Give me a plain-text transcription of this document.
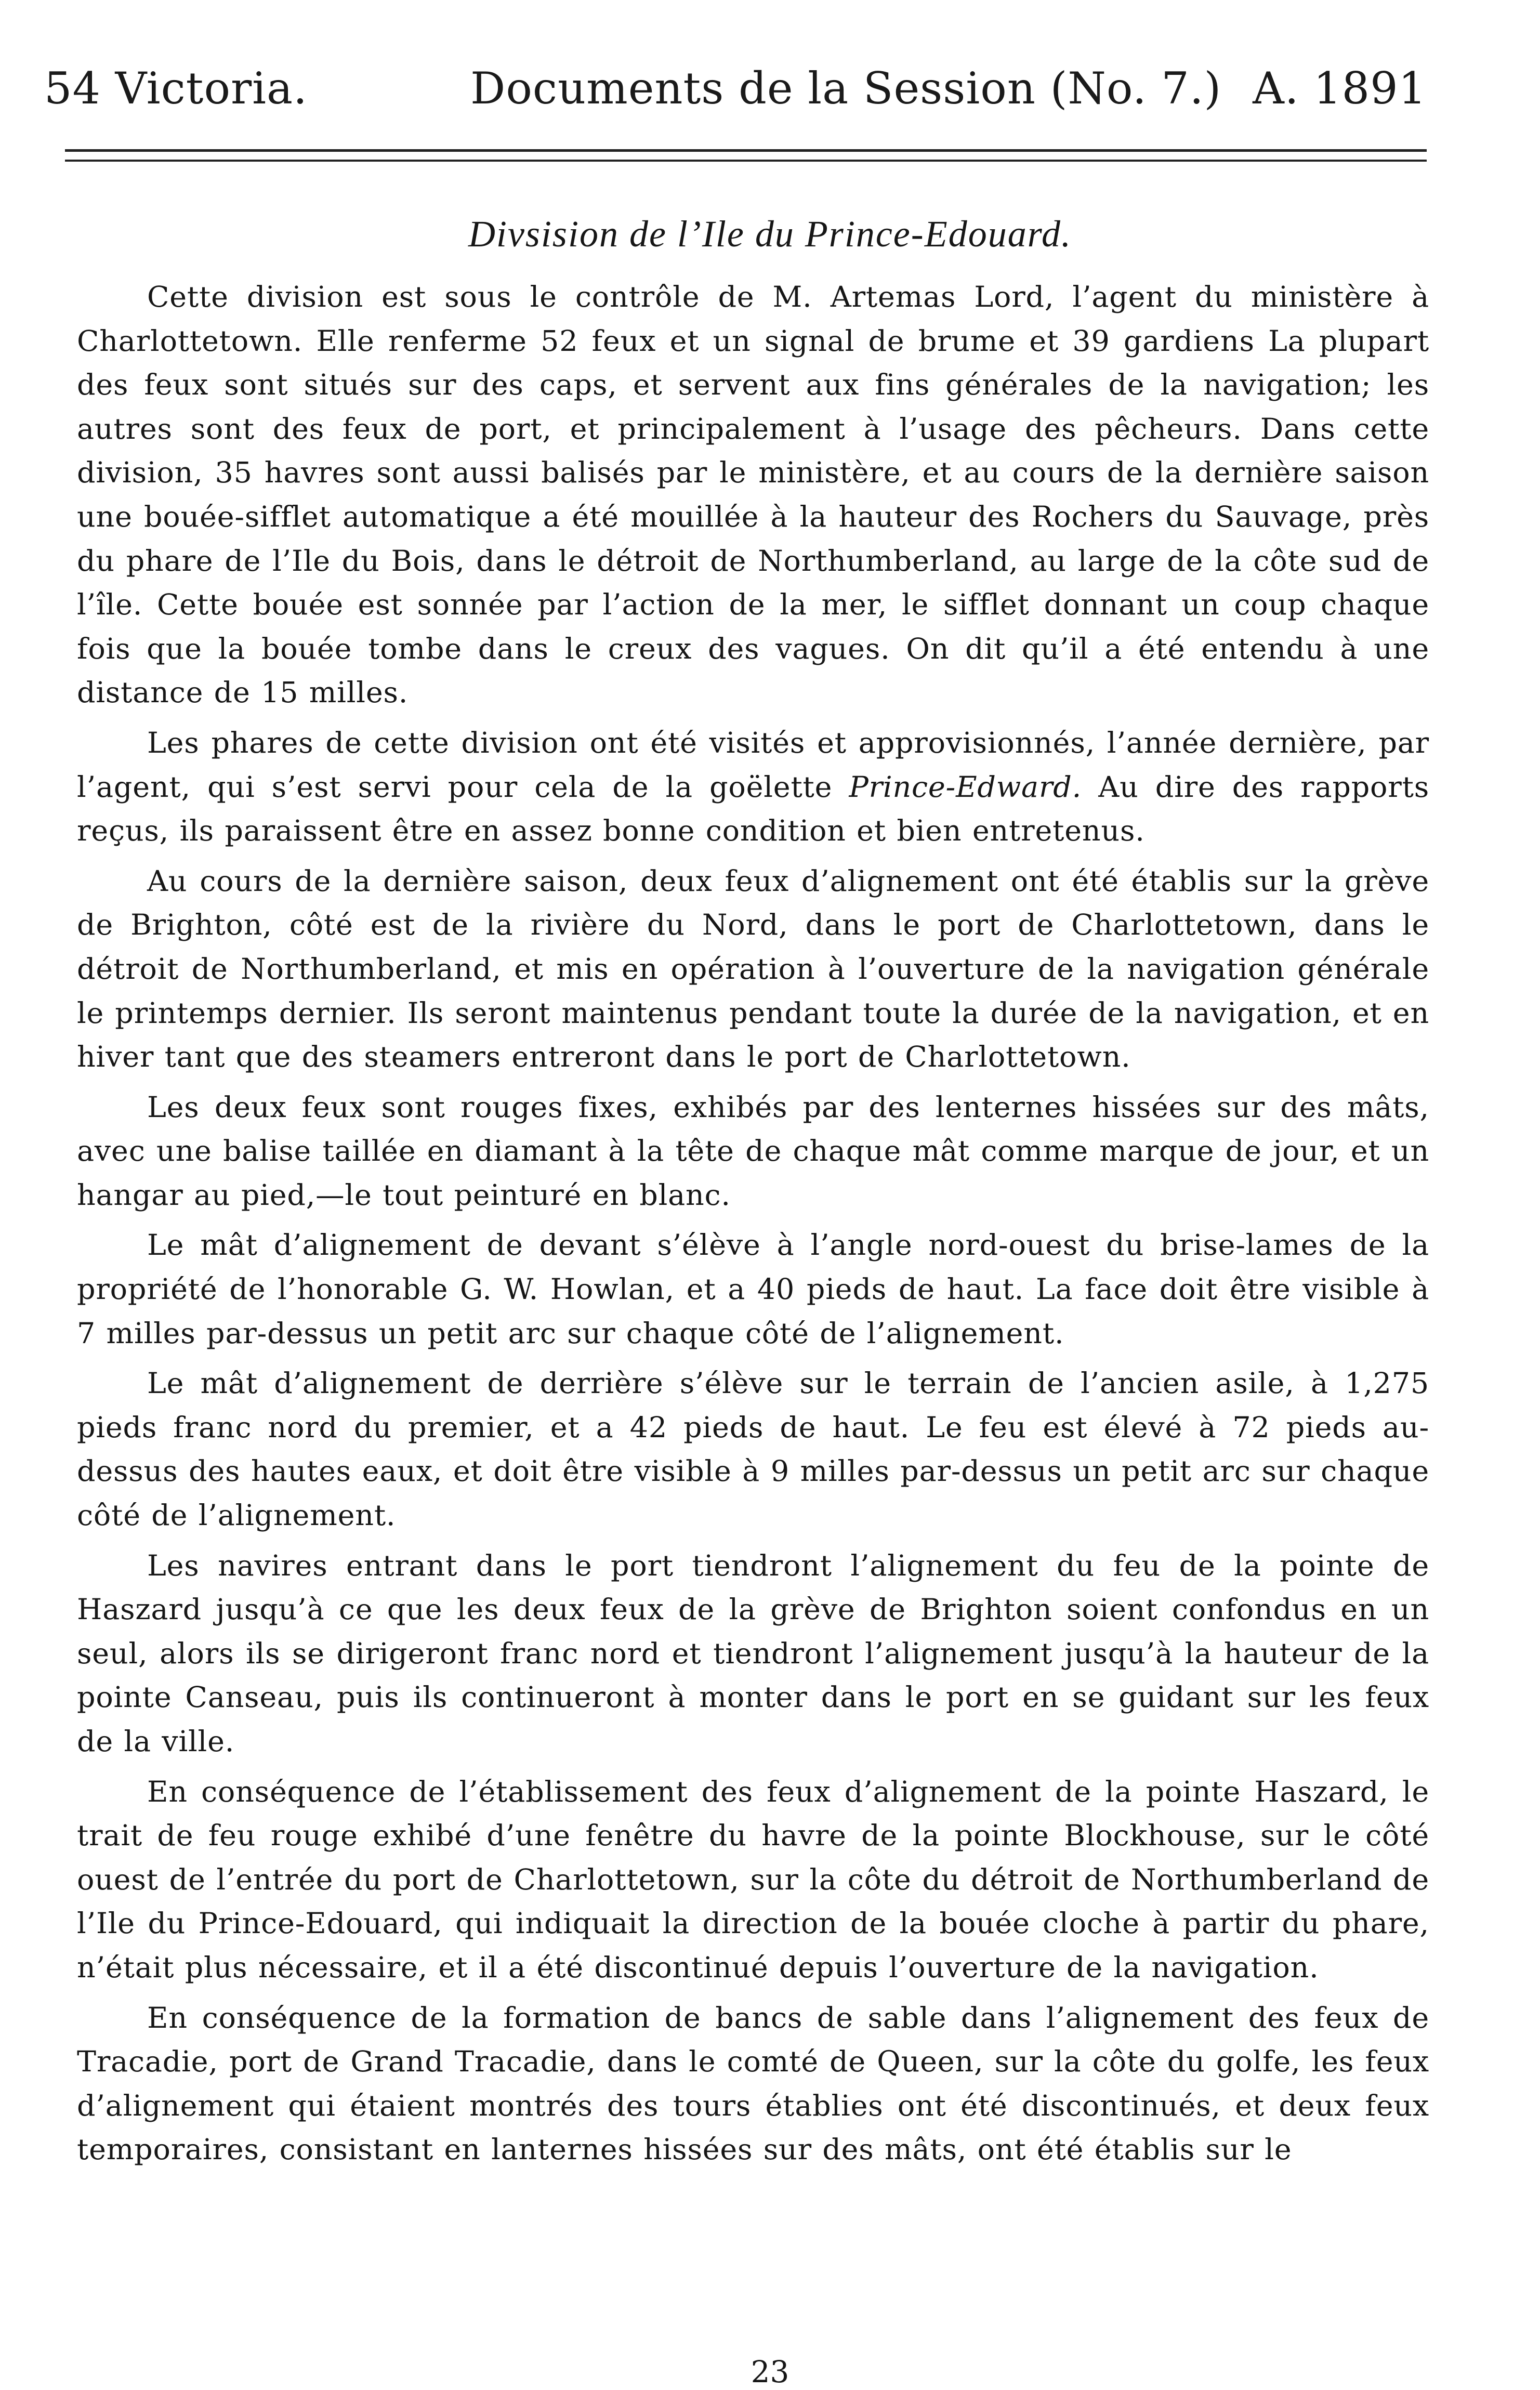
54 Victoria.	Documents de la Session (No. 7.) A. 1891
Divsision de l’Ile du Prince-Edouard.

Cette division est sous le contrôle de M. Artemas Lord, l’agent du ministère à Charlottetown. Elle renferme 52 feux et un signal de brume et 39 gardiens La plupart des feux sont situés sur des caps, et servent aux fins générales de la navigation; les autres sont des feux de port, et principalement à l’usage des pêcheurs. Dans cette division, 35 havres sont aussi balisés par le ministère, et au cours de la dernière saison une bouée-sifflet automatique a été mouillée à la hauteur des Rochers du Sauvage, près du phare de l’Ile du Bois, dans le détroit de Northumberland, au large de la côte sud de l’île. Cette bouée est sonnée par l’action de la mer, le sifflet donnant un coup chaque fois que la bouée tombe dans le creux des vagues. On dit qu’il a été entendu à une distance de 15 milles.

Les phares de cette division ont été visités et approvisionnés, l’année dernière, par l’agent, qui s’est servi pour cela de la goëlette Prince-Edward. Au dire des rapports reçus, ils paraissent être en assez bonne condition et bien entretenus.

Au cours de la dernière saison, deux feux d’alignement ont été établis sur la grève de Brighton, côté est de la rivière du Nord, dans le port de Charlottetown, dans le détroit de Northumberland, et mis en opération à l’ouverture de la navigation générale le printemps dernier. Ils seront maintenus pendant toute la durée de la navigation, et en hiver tant que des steamers entreront dans le port de Charlottetown.

Les deux feux sont rouges fixes, exhibés par des lenternes hissées sur des mâts, avec une balise taillée en diamant à la tête de chaque mât comme marque de jour, et un hangar au pied,—le tout peinturé en blanc.

Le mât d’alignement de devant s’élève à l’angle nord-ouest du brise-lames de la propriété de l’honorable G. W. Howlan, et a 40 pieds de haut. La face doit être visible à 7 milles par-dessus un petit arc sur chaque côté de l’alignement.

Le mât d’alignement de derrière s’élève sur le terrain de l’ancien asile, à 1,275 pieds franc nord du premier, et a 42 pieds de haut. Le feu est élevé à 72 pieds au-dessus des hautes eaux, et doit être visible à 9 milles par-dessus un petit arc sur chaque côté de l’alignement.

Les navires entrant dans le port tiendront l’alignement du feu de la pointe de Haszard jusqu’à ce que les deux feux de la grève de Brighton soient confondus en un seul, alors ils se dirigeront franc nord et tiendront l’alignement jusqu’à la hauteur de la pointe Canseau, puis ils continueront à monter dans le port en se guidant sur les feux de la ville.

En conséquence de l’établissement des feux d’alignement de la pointe Haszard, le trait de feu rouge exhibé d’une fenêtre du havre de la pointe Blockhouse, sur le côté ouest de l’entrée du port de Charlottetown, sur la côte du détroit de Northumberland de l’Ile du Prince-Edouard, qui indiquait la direction de la bouée cloche à partir du phare, n’était plus nécessaire, et il a été discontinué depuis l’ouverture de la navigation.

En conséquence de la formation de bancs de sable dans l’alignement des feux de Tracadie, port de Grand Tracadie, dans le comté de Queen, sur la côte du golfe, les feux d’alignement qui étaient montrés des tours établies ont été discontinués, et deux feux temporaires, consistant en lanternes hissées sur des mâts, ont été établis sur le

23
